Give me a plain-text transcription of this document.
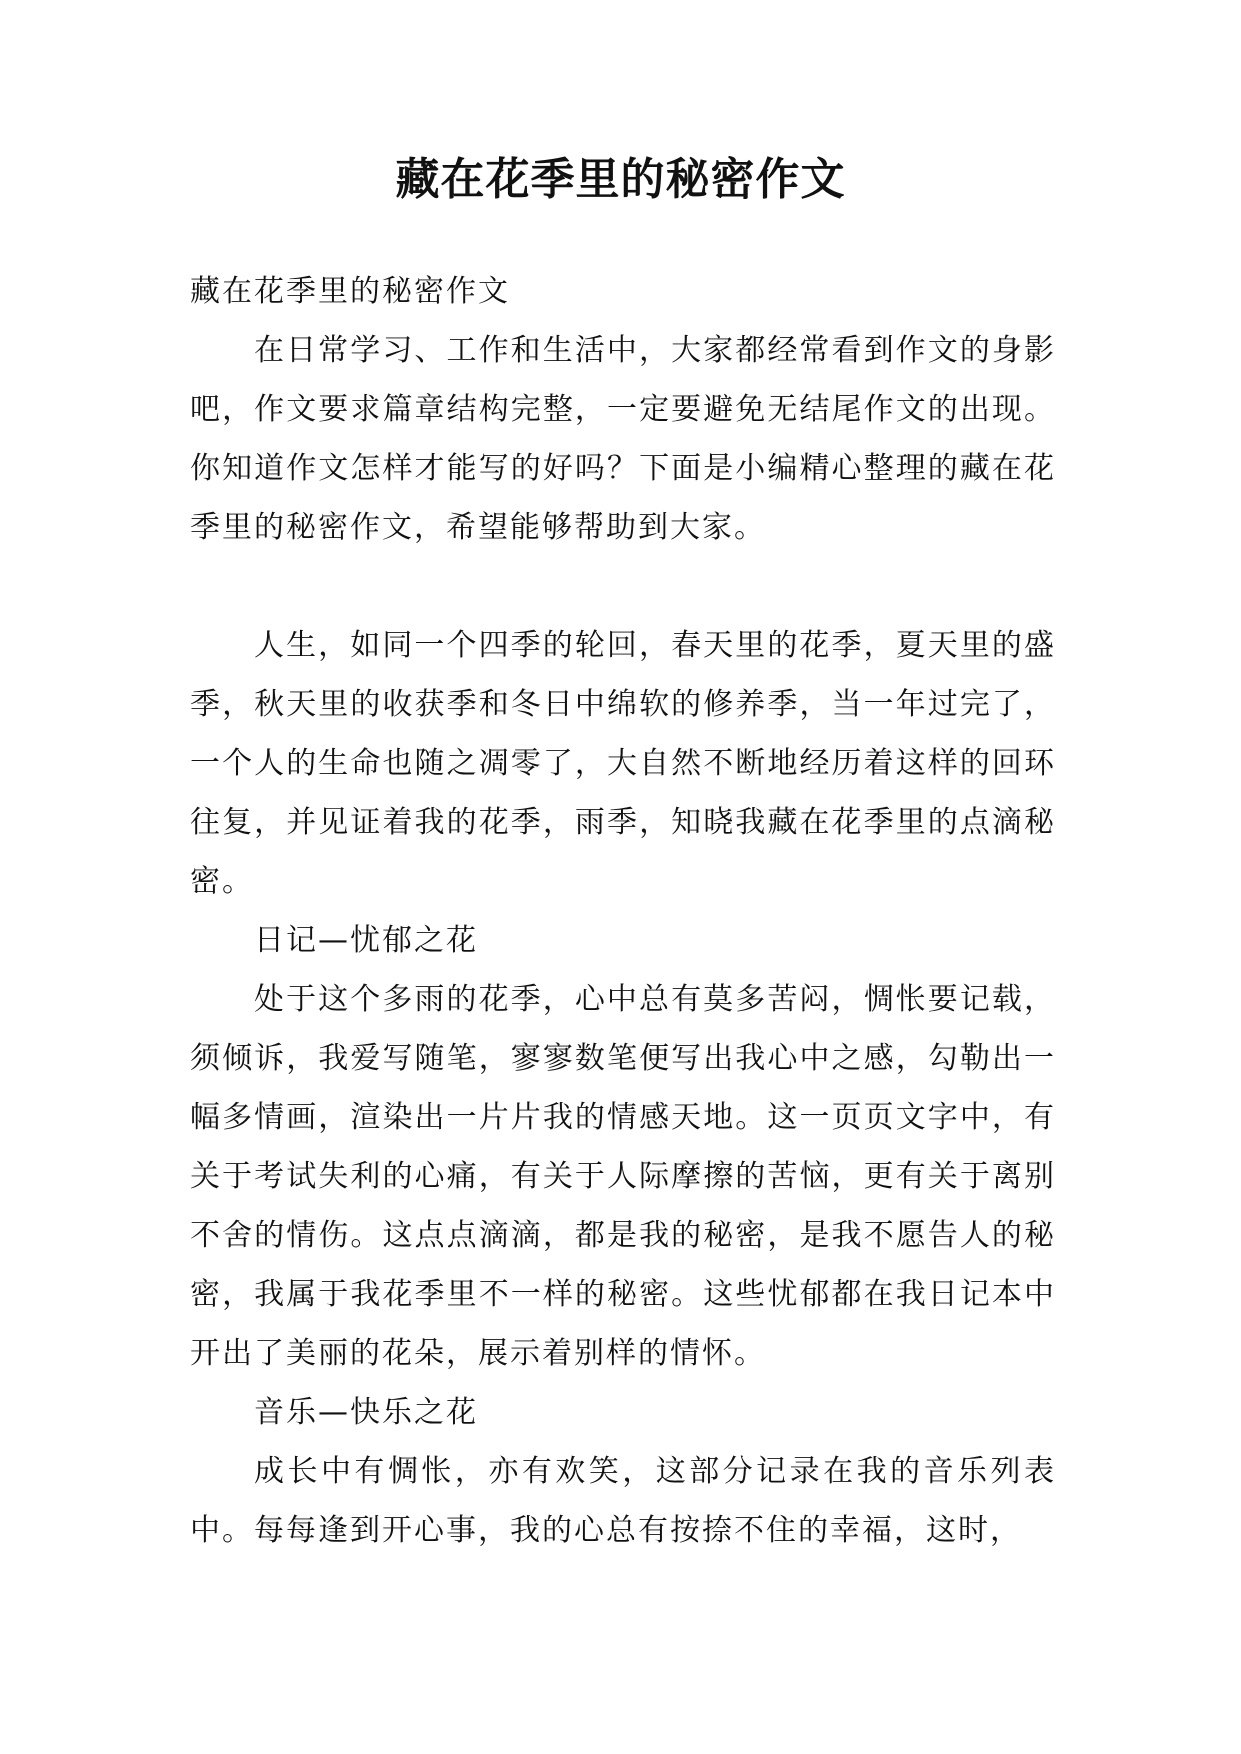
藏在花季里的秘密作文

藏在花季里的秘密作文

在日常学习、工作和生活中，大家都经常看到作文的身影吧，作文要求篇章结构完整，一定要避免无结尾作文的出现。你知道作文怎样才能写的好吗？下面是小编精心整理的藏在花季里的秘密作文，希望能够帮助到大家。

人生，如同一个四季的轮回，春天里的花季，夏天里的盛季，秋天里的收获季和冬日中绵软的修养季，当一年过完了，一个人的生命也随之凋零了，大自然不断地经历着这样的回环往复，并见证着我的花季，雨季，知晓我藏在花季里的点滴秘密。

日记—忧郁之花

处于这个多雨的花季，心中总有莫多苦闷，惆怅要记载，须倾诉，我爱写随笔，寥寥数笔便写出我心中之感，勾勒出一幅多情画，渲染出一片片我的情感天地。这一页页文字中，有关于考试失利的心痛，有关于人际摩擦的苦恼，更有关于离别不舍的情伤。这点点滴滴，都是我的秘密，是我不愿告人的秘密，我属于我花季里不一样的秘密。这些忧郁都在我日记本中开出了美丽的花朵，展示着别样的情怀。

音乐—快乐之花

成长中有惆怅，亦有欢笑，这部分记录在我的音乐列表中。每每逢到开心事，我的心总有按捺不住的幸福，这时，
